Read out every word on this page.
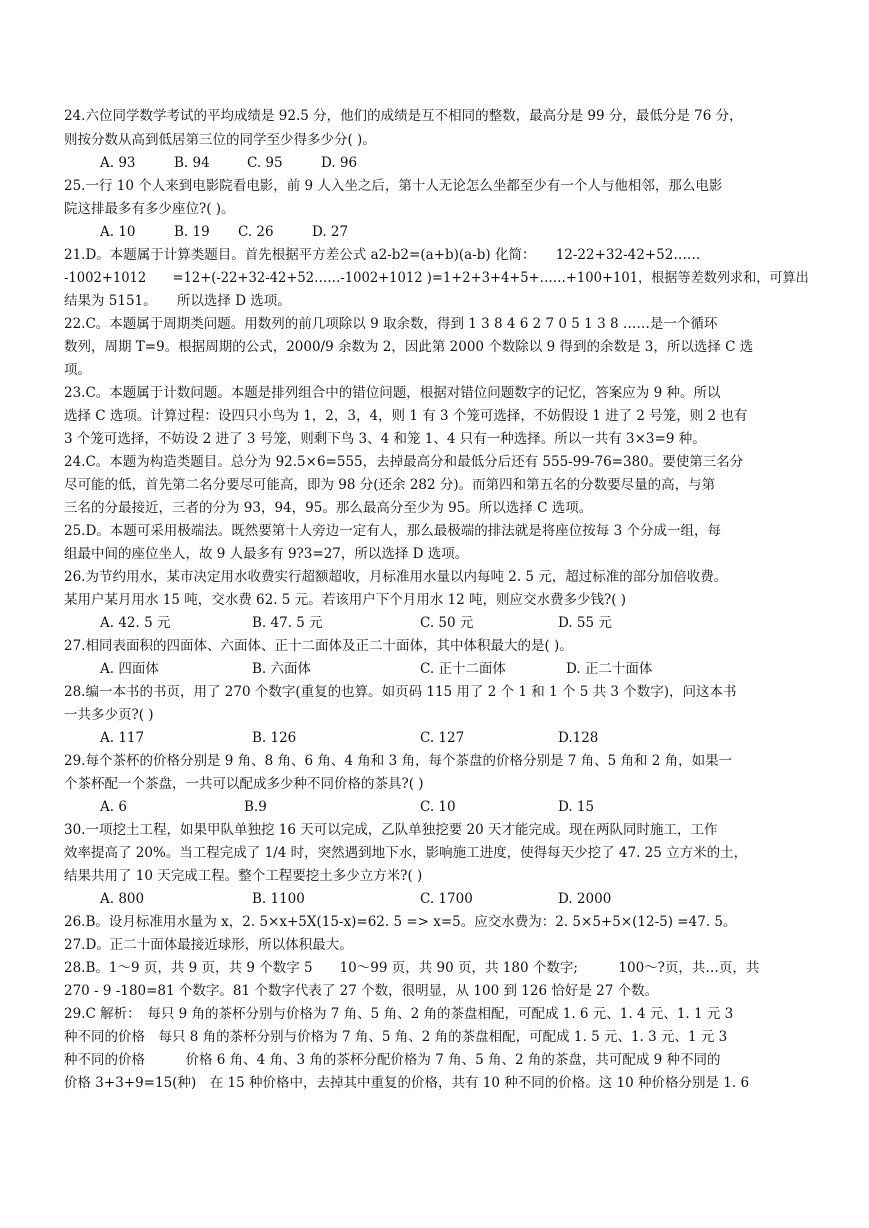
24.六位同学数学考试的平均成绩是 92.5 分，他们的成绩是互不相同的整数，最高分是 99 分，最低分是 76 分，
则按分数从高到低居第三位的同学至少得多少分( )。
A. 93	B. 94	C. 95	D. 96
25.一行 10 个人来到电影院看电影，前 9 人入坐之后，第十人无论怎么坐都至少有一个人与他相邻，那么电影
院这排最多有多少座位?( )。
A. 10	B. 19 C. 26	D. 27
21.D。本题属于计算类题目。首先根据平方差公式 a2-b2=(a+b)(a-b) 化简：　　12-22+32-42+52……
-1002+1012　　=12+(-22+32-42+52……-1002+1012 )=1+2+3+4+5+……+100+101，根据等差数列求和，可算出
结果为 5151。　　所以选择 D 选项。
22.C。本题属于周期类问题。用数列的前几项除以 9 取余数，得到 1 3 8 4 6 2 7 0 5 1 3 8 ……是一个循环
数列，周期 T=9。根据周期的公式，2000/9 余数为 2，因此第 2000 个数除以 9 得到的余数是 3，所以选择 C 选
项。
23.C。本题属于计数问题。本题是排列组合中的错位问题，根据对错位问题数字的记忆，答案应为 9 种。所以
选择 C 选项。计算过程：设四只小鸟为 1，2，3，4，则 1 有 3 个笼可选择，不妨假设 1 进了 2 号笼，则 2 也有
3 个笼可选择，不妨设 2 进了 3 号笼，则剩下鸟 3、4 和笼 1、4 只有一种选择。所以一共有 3×3=9 种。
24.C。本题为构造类题目。总分为 92.5×6=555，去掉最高分和最低分后还有 555-99-76=380。要使第三名分
尽可能的低，首先第二名分要尽可能高，即为 98 分(还余 282 分)。而第四和第五名的分数要尽量的高，与第
三名的分最接近，三者的分为 93，94，95。那么最高分至少为 95。所以选择 C 选项。
25.D。本题可采用极端法。既然要第十人旁边一定有人，那么最极端的排法就是将座位按每 3 个分成一组，每
组最中间的座位坐人，故 9 人最多有 9?3=27，所以选择 D 选项。
26.为节约用水，某市决定用水收费实行超额超收，月标准用水量以内每吨 2. 5 元，超过标准的部分加倍收费。
某用户某月用水 15 吨，交水费 62. 5 元。若该用户下个月用水 12 吨，则应交水费多少钱?( )
A. 42. 5 元	B. 47. 5 元	C. 50 元	D. 55 元
27.相同表面积的四面体、六面体、正十二面体及正二十面体，其中体积最大的是( )。
A. 四面体	B. 六面体	C. 正十二面体	D. 正二十面体
28.编一本书的书页，用了 270 个数字(重复的也算。如页码 115 用了 2 个 1 和 1 个 5 共 3 个数字)，问这本书
一共多少页?( )
A. 117	B. 126	C. 127	D.128
29.每个茶杯的价格分别是 9 角、8 角、6 角、4 角和 3 角，每个茶盘的价格分别是 7 角、5 角和 2 角，如果一
个茶杯配一个茶盘，一共可以配成多少种不同价格的茶具?( )
A. 6	B.9	C. 10	D. 15
30.一项挖土工程，如果甲队单独挖 16 天可以完成，乙队单独挖要 20 天才能完成。现在两队同时施工，工作
效率提高了 20%。当工程完成了 1/4 时，突然遇到地下水，影响施工进度，使得每天少挖了 47. 25 立方米的土，
结果共用了 10 天完成工程。整个工程要挖土多少立方米?( )
A. 800	B. 1100	C. 1700	D. 2000
26.B。设月标准用水量为 x，2. 5×x+5X(15-x)=62. 5 => x=5。应交水费为：2. 5×5+5×(12-5) =47. 5。
27.D。正二十面体最接近球形，所以体积最大。
28.B。1～9 页，共 9 页，共 9 个数字 5　　10～99 页，共 90 页，共 180 个数字;　　　100～?页，共…页，共
270 - 9 -180=81 个数字。81 个数字代表了 27 个数，很明显，从 100 到 126 恰好是 27 个数。
29.C 解析：　每只 9 角的茶杯分别与价格为 7 角、5 角、2 角的茶盘相配，可配成 1. 6 元、1. 4 元、1. 1 元 3
种不同的价格　每只 8 角的茶杯分别与价格为 7 角、5 角、2 角的茶盘相配，可配成 1. 5 元、1. 3 元、1 元 3
种不同的价格　　　价格 6 角、4 角、3 角的茶杯分配价格为 7 角、5 角、2 角的茶盘，共可配成 9 种不同的
价格 3+3+9=15(种)　在 15 种价格中，去掉其中重复的价格，共有 10 种不同的价格。这 10 种价格分别是 1. 6
